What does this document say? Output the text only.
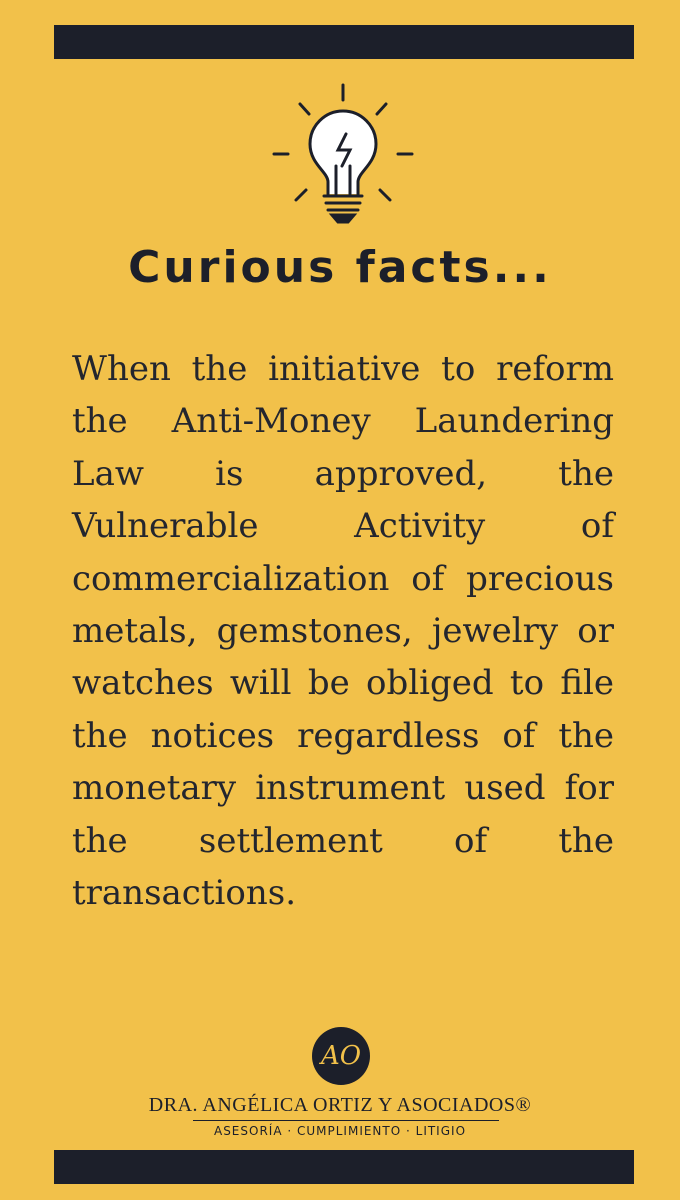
Curious facts...

When the initiative to reform the Anti-Money Laundering Law is approved, the Vulnerable Activity of commercialization of precious metals, gemstones, jewelry or watches will be obliged to file the notices regardless of the monetary instrument used for the settlement of the transactions.

AO
DRA. ANGÉLICA ORTIZ Y ASOCIADOS®
ASESORÍA · CUMPLIMIENTO · LITIGIO
